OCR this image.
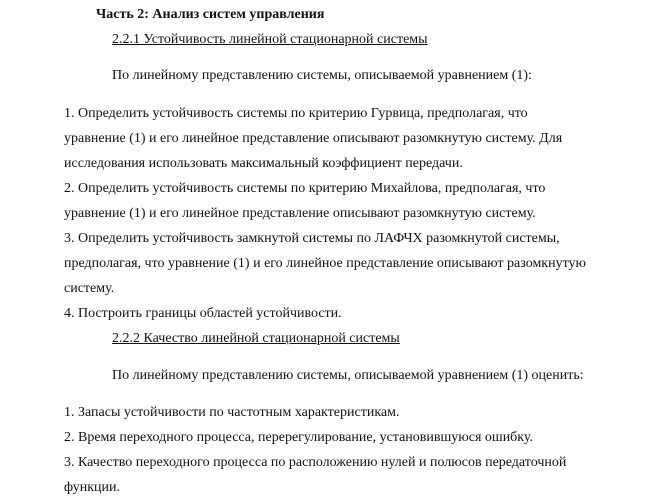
Часть 2: Анализ систем управления
2.2.1 Устойчивость линейной стационарной системы
По линейному представлению системы, описываемой уравнением (1):
1. Определить устойчивость системы по критерию Гурвица, предполагая, что
уравнение (1) и его линейное представление описывают разомкнутую систему. Для
исследования использовать максимальный коэффициент передачи.
2. Определить устойчивость системы по критерию Михайлова, предполагая, что
уравнение (1) и его линейное представление описывают разомкнутую систему.
3. Определить устойчивость замкнутой системы по ЛАФЧХ разомкнутой системы,
предполагая, что уравнение (1) и его линейное представление описывают разомкнутую
систему.
4. Построить границы областей устойчивости.
2.2.2 Качество линейной стационарной системы
По линейному представлению системы, описываемой уравнением (1) оценить:
1. Запасы устойчивости по частотным характеристикам.
2. Время переходного процесса, перерегулирование, установившуюся ошибку.
3. Качество переходного процесса по расположению нулей и полюсов передаточной
функции.
